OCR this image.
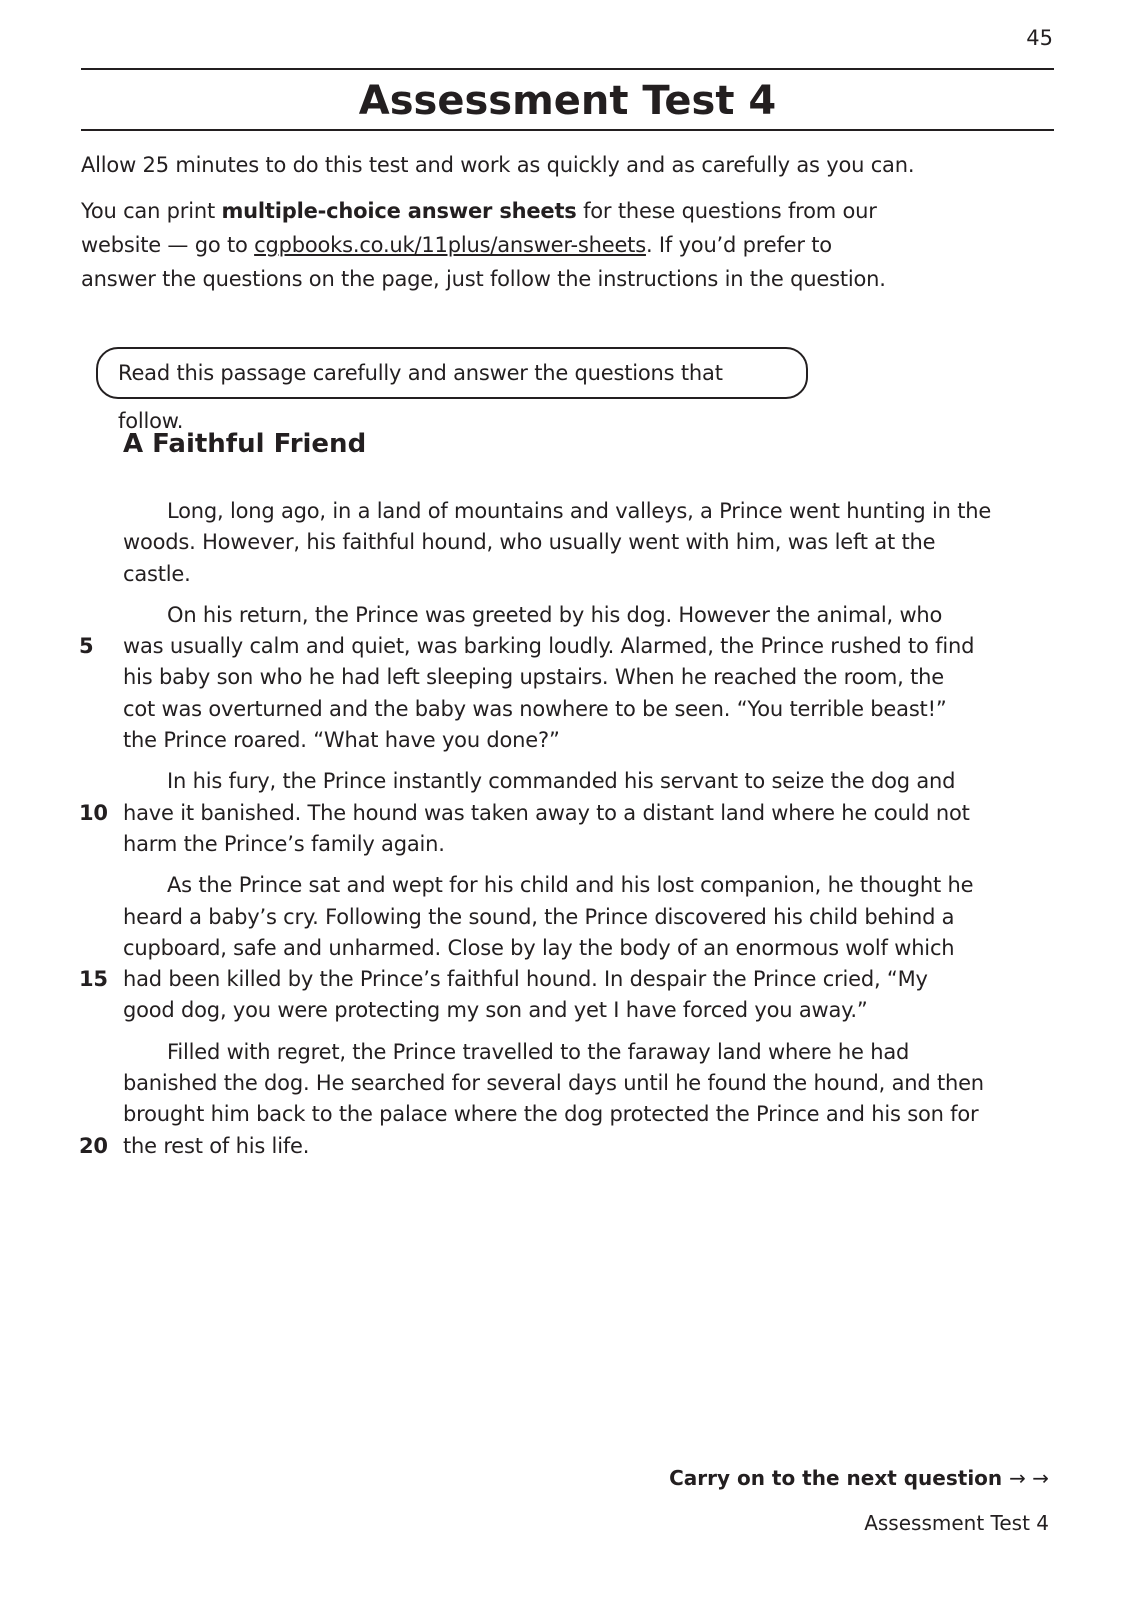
45
Assessment Test 4

Allow 25 minutes to do this test and work as quickly and as carefully as you can.

You can print multiple-choice answer sheets for these questions from our
website — go to cgpbooks.co.uk/11plus/answer-sheets. If you’d prefer to
answer the questions on the page, just follow the instructions in the question.
Read this passage carefully and answer the questions that follow.
A Faithful Friend
Long, long ago, in a land of mountains and valleys, a Prince went hunting in the
woods. However, his faithful hound, who usually went with him, was left at the
castle.
On his return, the Prince was greeted by his dog. However the animal, who
5	was usually calm and quiet, was barking loudly. Alarmed, the Prince rushed to find
his baby son who he had left sleeping upstairs. When he reached the room, the
cot was overturned and the baby was nowhere to be seen. “You terrible beast!”
the Prince roared. “What have you done?”
In his fury, the Prince instantly commanded his servant to seize the dog and
10 have it banished. The hound was taken away to a distant land where he could not
harm the Prince’s family again.
As the Prince sat and wept for his child and his lost companion, he thought he
heard a baby’s cry. Following the sound, the Prince discovered his child behind a
cupboard, safe and unharmed. Close by lay the body of an enormous wolf which
15 had been killed by the Prince’s faithful hound. In despair the Prince cried, “My
good dog, you were protecting my son and yet I have forced you away.”
Filled with regret, the Prince travelled to the faraway land where he had
banished the dog. He searched for several days until he found the hound, and then
brought him back to the palace where the dog protected the Prince and his son for
20 the rest of his life.
Carry on to the next question → →
Assessment Test 4
